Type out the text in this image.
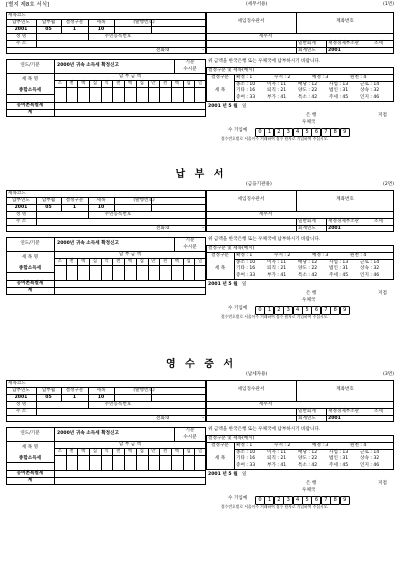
[별지 제8호 서식]	(세무서용)	(1면)
세목코드
납부연도	납부월	결정구분	세목	(발행번호)
2001	05	1	10
성 명	주민등록번호
주 소
전화:0	–
세입징수관서	계좌번호
세무서
일반회계	재정경제부소관	조세
회계연도	2001
연도/기분	2000년 귀속 소득세 확정신고
기분
수시분
세 목 명
납 부 금 액
조	천	백	십	억	천	백	십	만	천	백	십	일
종합소득세
농어촌특별세
계
위 금액을 한국은행 또는 우체국에 납부하시기 바랍니다.
결정구분 및 세목(예시)
결정구분	확정 : 1	수시 : 2	예정 : 3	원천 : 4
세 목
종소 : 10	이자 : 11	배당 : 12	사업 : 13	근로 : 14
기타 : 16	퇴직 : 21	양도 : 22	법인 : 31	상속 : 32
증여 : 33	부가 : 41	특소 : 42	주세 : 45	인지 : 46
2001 년 5 월 일
은 행	지점
우체국
수 기입예	0	1	2	3	4	5	6	7	8	9
접수번호별로 서울이주 거래하여 접수 원자로 기입하여 주십시오.
(금융기관용)	(2면)
납 부 서
세목코드
납부연도	납부월	결정구분	세목	(발행번호)
2001	05	1	10
성 명	주민등록번호
주 소
전화:0	–
세입징수관서	계좌번호
세무서
일반회계	재정경제부소관	조세
회계연도	2001
연도/기분	2000년 귀속 소득세 확정신고
기분
수시분
세 목 명
납 부 금 액
조	천	백	십	억	천	백	십	만	천	백	십	일
종합소득세
농어촌특별세
계
위 금액을 한국은행 또는 우체국에 납부하시기 바랍니다.
결정구분 및 세목(예시)
결정구분	확정 : 1	수시 : 2	예정 : 3	원천 : 4
세 목
종소 : 10	이자 : 11	배당 : 12	사업 : 13	근로 : 14
기타 : 16	퇴직 : 21	양도 : 22	법인 : 31	상속 : 32
증여 : 33	부가 : 41	특소 : 42	주세 : 45	인지 : 46
2001 년 5 월 일
은 행	지점
우체국
수 기입예	0	1	2	3	4	5	6	7	8	9
접수번호별로 서울이주 거래하여 접수 원자로 기입하여 주십시오.
(납세자용)	(3면)
영 수 증 서
세목코드
납부연도	납부월	결정구분	세목	(발행번호)
2001	05	1	10
성 명	주민등록번호
주 소
전화:0	–
세입징수관서	계좌번호
세무서
일반회계	재정경제부소관	조세
회계연도	2001
연도/기분	2000년 귀속 소득세 확정신고
기분
수시분
세 목 명
납 부 금 액
조	천	백	십	억	천	백	십	만	천	백	십	일
종합소득세
농어촌특별세
계
위 금액을 한국은행 또는 우체국에 납부하시기 바랍니다.
결정구분 및 세목(예시)
결정구분	확정 : 1	수시 : 2	예정 : 3	원천 : 4
세 목
종소 : 10	이자 : 11	배당 : 12	사업 : 13	근로 : 14
기타 : 16	퇴직 : 21	양도 : 22	법인 : 31	상속 : 32
증여 : 33	부가 : 41	특소 : 42	주세 : 45	인지 : 46
2001 년 5 월 일
은 행	지점
우체국
수 기입예	0	1	2	3	4	5	6	7	8	9
접수번호별로 서울이주 거래하여 접수 원자로 기입하여 주십시오.
